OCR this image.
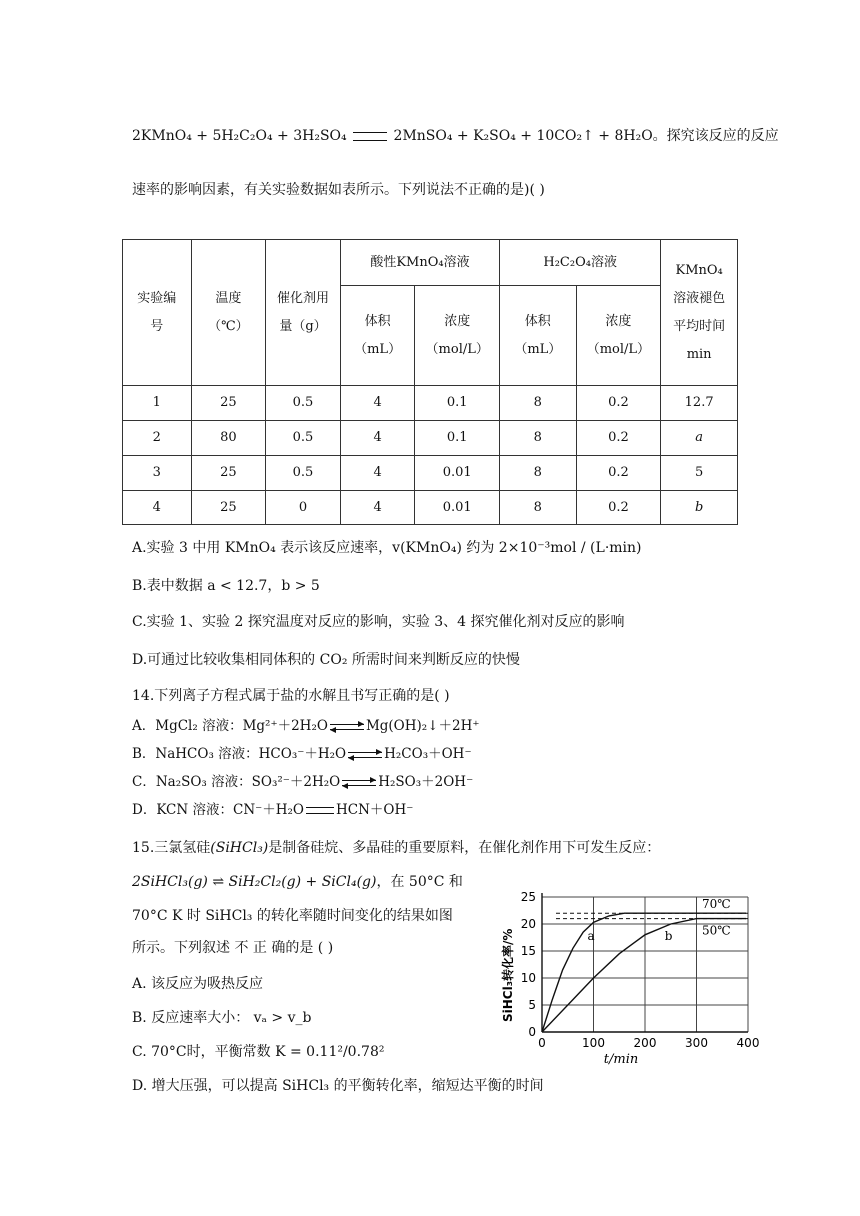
2KMnO₄ + 5H₂C₂O₄ + 3H₂SO₄	2MnSO₄ + K₂SO₄ + 10CO₂↑ + 8H₂O。探究该反应的反应
速率的影响因素，有关实验数据如表所示。下列说法不正确的是)( )
实验编号	温度（℃）	催化剂用量（g）	酸性KMnO₄溶液		H₂C₂O₄溶液		KMnO₄溶液褪色平均时间min

			体积（mL）	浓度（mol/L）	体积（mL）	浓度（mol/L）	

1	25	0.5	4	0.1	8	0.2	12.7
2	80	0.5	4	0.1	8	0.2	a
3	25	0.5	4	0.01	8	0.2	5
4	25	0	4	0.01	8	0.2	b
A.实验 3 中用 KMnO₄ 表示该反应速率，v(KMnO₄) 约为 2×10⁻³mol / (L·min)
B.表中数据 a < 12.7，b > 5
C.实验 1、实验 2 探究温度对反应的影响，实验 3、4 探究催化剂对反应的影响
D.可通过比较收集相同体积的 CO₂ 所需时间来判断反应的快慢
14.下列离子方程式属于盐的水解且书写正确的是( )
A．MgCl₂ 溶液：Mg²⁺＋2H₂O	Mg(OH)₂↓＋2H⁺
B．NaHCO₃ 溶液：HCO₃⁻＋H₂O	H₂CO₃＋OH⁻
C．Na₂SO₃ 溶液：SO₃²⁻＋2H₂O	H₂SO₃＋2OH⁻
D．KCN 溶液：CN⁻＋H₂O HCN＋OH⁻
15.三氯氢硅(SiHCl₃)是制备硅烷、多晶硅的重要原料，在催化剂作用下可发生反应：
2SiHCl₃(g) ⇌ SiH₂Cl₂(g) + SiCl₄(g)，在 50°C 和
70°C K 时 SiHCl₃ 的转化率随时间变化的结果如图
所示。下列叙述 不 正 确的是 ( )
A. 该反应为吸热反应
B. 反应速率大小： vₐ > v_b
C. 70°C时，平衡常数 K = 0.11²/0.78²
D. 增大压强，可以提高 SiHCl₃ 的平衡转化率，缩短达平衡的时间
0
5
10
15
20
25
0	100 200 300 400
70℃
50℃
a	b
t/min
SiHCl₃转化率/%
